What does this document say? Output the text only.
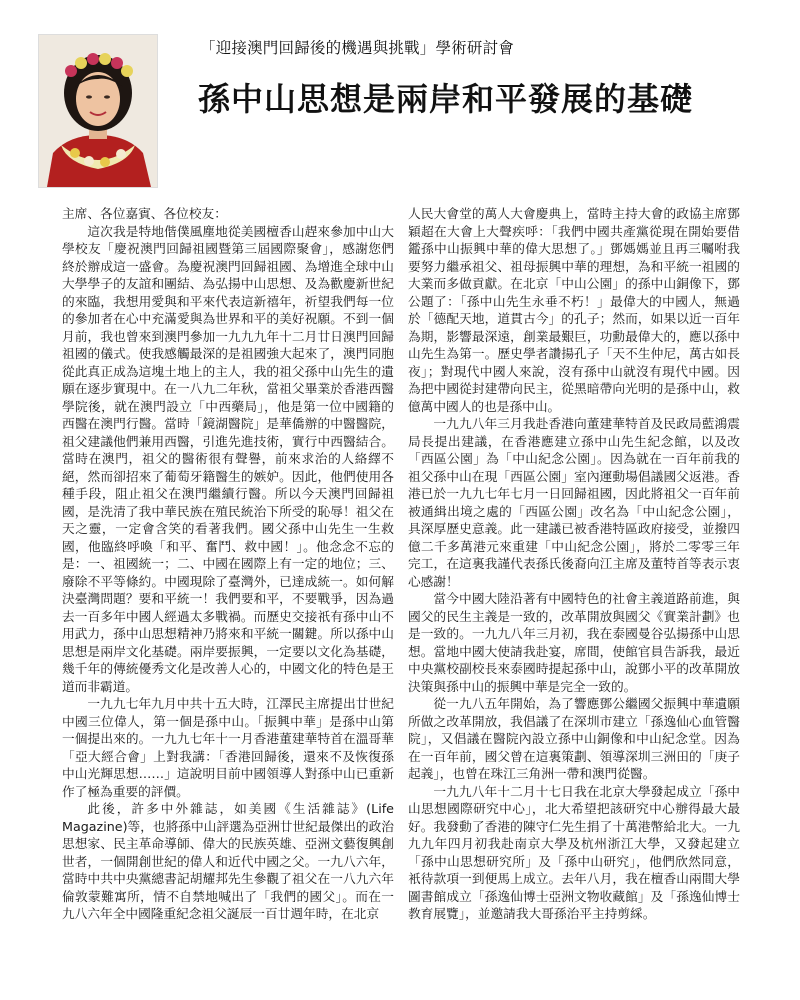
「迎接澳門回歸後的機遇與挑戰」學術研討會
孫中山思想是兩岸和平發展的基礎

主席、各位嘉賓、各位校友：

這次我是特地偕僕風塵地從美國檀香山趕來參加中山大學校友「慶祝澳門回歸祖國暨第三屆國際聚會」，感謝您們終於辦成這一盛會。為慶祝澳門回歸祖國、為增進全球中山大學學子的友誼和團結、為弘揚中山思想、及為歡慶新世紀的來臨，我想用愛與和平來代表這新禧年，祈望我們每一位的參加者在心中充滿愛與為世界和平的美好祝願。不到一個月前，我也曾來到澳門參加一九九九年十二月廿日澳門回歸祖國的儀式。使我感觸最深的是祖國強大起來了，澳門同胞從此真正成為這塊土地上的主人，我的祖父孫中山先生的遺願在逐步實現中。在一八九二年秋，當祖父畢業於香港西醫學院後，就在澳門設立「中西藥局」，他是第一位中國籍的西醫在澳門行醫。當時「鏡湖醫院」是華僑辦的中醫醫院，祖父建議他們兼用西醫，引進先進技術，實行中西醫結合。當時在澳門，祖父的醫術很有聲譽，前來求治的人絡繹不絕，然而卻招來了葡萄牙籍醫生的嫉妒。因此，他們使用各種手段，阻止祖父在澳門繼續行醫。所以今天澳門回歸祖國，是洗清了我中華民族在殖民統治下所受的恥辱！祖父在天之靈，一定會含笑的看著我們。國父孫中山先生一生救國，他臨終呼喚「和平、奮鬥、救中國！」。他念念不忘的是：一、祖國統一；二、中國在國際上有一定的地位；三、廢除不平等條約。中國現除了臺灣外，已達成統一。如何解決臺灣問題？要和平統一！我們要和平，不要戰爭，因為過去一百多年中國人經過太多戰禍。而歷史交接祇有孫中山不用武力，孫中山思想精神乃將來和平統一關鍵。所以孫中山思想是兩岸文化基礎。兩岸要振興，一定要以文化為基礎，幾千年的傳統優秀文化是改善人心的，中國文化的特色是王道而非霸道。

一九九七年九月中共十五大時，江澤民主席提出廿世紀中國三位偉人，第一個是孫中山。「振興中華」是孫中山第一個提出來的。一九九七年十一月香港董建華特首在溫哥華「亞大經合會」上對我講：「香港回歸後，還來不及恢復孫中山光輝思想……」這說明目前中國領導人對孫中山已重新作了極為重要的評價。

此後，許多中外雜誌，如美國《生活雜誌》(Life Magazine)等，也將孫中山評選為亞洲廿世紀最傑出的政治思想家、民主革命導師、偉大的民族英雄、亞洲文藝復興創世者，一個開創世紀的偉人和近代中國之父。一九八六年，當時中共中央黨總書記胡耀邦先生參觀了祖父在一八九六年倫敦蒙難寓所，情不自禁地喊出了「我們的國父」。而在一九八六年全中國隆重紀念祖父誕辰一百廿週年時，在北京

人民大會堂的萬人大會慶典上，當時主持大會的政協主席鄧穎超在大會上大聲疾呼：「我們中國共產黨從現在開始要借鑑孫中山振興中華的偉大思想了。」鄧媽媽並且再三囑咐我要努力繼承祖父、祖母振興中華的理想，為和平統一祖國的大業而多做貢獻。在北京「中山公園」的孫中山銅像下，鄧公題了：「孫中山先生永垂不朽！」最偉大的中國人，無過於「德配天地，道貫古今」的孔子；然而，如果以近一百年為期，影響最深遠，創業最艱巨，功勳最偉大的，應以孫中山先生為第一。歷史學者讚揚孔子「天不生仲尼，萬古如長夜」；對現代中國人來說，沒有孫中山就沒有現代中國。因為把中國從封建帶向民主，從黑暗帶向光明的是孫中山，救億萬中國人的也是孫中山。

一九九八年三月我赴香港向董建華特首及民政局藍鴻震局長提出建議，在香港應建立孫中山先生紀念館，以及改「西區公園」為「中山紀念公園」。因為就在一百年前我的祖父孫中山在現「西區公園」室內運動場倡議國父返港。香港已於一九九七年七月一日回歸祖國，因此將祖父一百年前被通緝出境之處的「西區公園」改名為「中山紀念公園」，具深厚歷史意義。此一建議已被香港特區政府接受，並撥四億二千多萬港元來重建「中山紀念公園」，將於二零零三年完工，在這裏我謹代表孫氏後裔向江主席及董特首等表示衷心感謝！

當今中國大陸沿著有中國特色的社會主義道路前進，與國父的民生主義是一致的，改革開放與國父《實業計劃》也是一致的。一九九八年三月初，我在泰國曼谷弘揚孫中山思想。當地中國大使請我赴宴，席間，使館官員告訴我，最近中央黨校副校長來泰國時提起孫中山，說鄧小平的改革開放決策與孫中山的振興中華是完全一致的。

從一九八五年開始，為了響應鄧公繼國父振興中華遺願所做之改革開放，我倡議了在深圳市建立「孫逸仙心血管醫院」，又倡議在醫院內設立孫中山銅像和中山紀念堂。因為在一百年前，國父曾在這裏策劃、領導深圳三洲田的「庚子起義」，也曾在珠江三角洲一帶和澳門從醫。

一九九八年十二月十七日我在北京大學發起成立「孫中山思想國際研究中心」，北大希望把該研究中心辦得最大最好。我發動了香港的陳守仁先生捐了十萬港幣給北大。一九九九年四月初我赴南京大學及杭州浙江大學，又發起建立「孫中山思想研究所」及「孫中山研究」，他們欣然同意，衹待款項一到便馬上成立。去年八月，我在檀香山兩間大學圖書館成立「孫逸仙博士亞洲文物收藏館」及「孫逸仙博士教育展覽」，並邀請我大哥孫治平主持剪綵。
